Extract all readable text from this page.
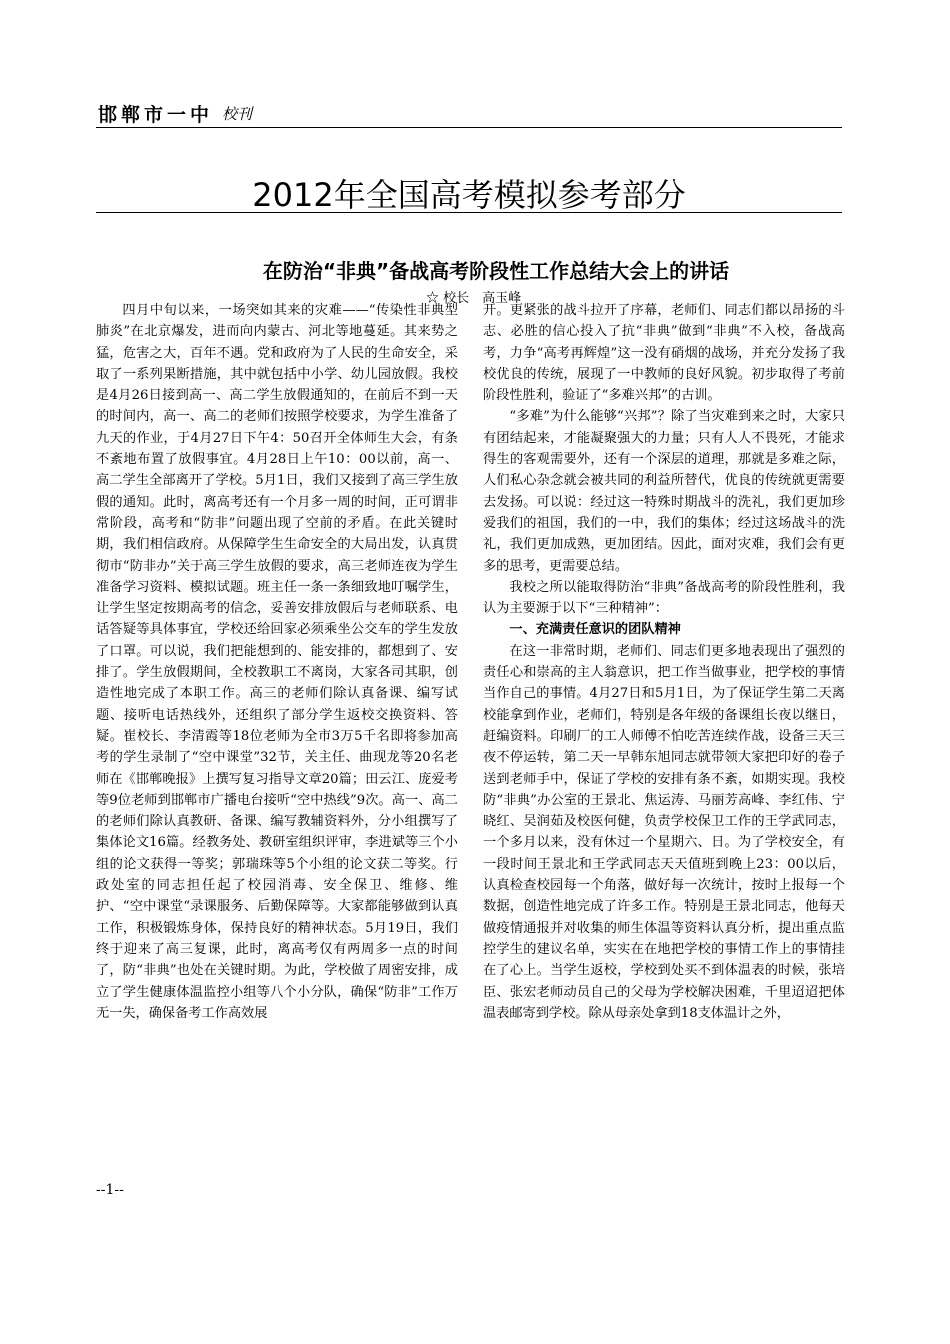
邯郸市一中 校刊
2012年全国高考模拟参考部分
在防治“非典”备战高考阶段性工作总结大会上的讲话
☆ 校长　高玉峰

四月中旬以来，一场突如其来的灾难——“传染性非典型肺炎”在北京爆发，进而向内蒙古、河北等地蔓延。其来势之猛，危害之大，百年不遇。党和政府为了人民的生命安全，采取了一系列果断措施，其中就包括中小学、幼儿园放假。我校是4月26日接到高一、高二学生放假通知的，在前后不到一天的时间内，高一、高二的老师们按照学校要求，为学生准备了九天的作业，于4月27日下午4：50召开全体师生大会，有条不紊地布置了放假事宜。4月28日上午10：00以前，高一、高二学生全部离开了学校。5月1日，我们又接到了高三学生放假的通知。此时，离高考还有一个月多一周的时间，正可谓非常阶段，高考和“防非”问题出现了空前的矛盾。在此关键时期，我们相信政府。从保障学生生命安全的大局出发，认真贯彻市“防非办”关于高三学生放假的要求，高三老师连夜为学生准备学习资料、模拟试题。班主任一条一条细致地叮嘱学生，让学生坚定按期高考的信念，妥善安排放假后与老师联系、电话答疑等具体事宜，学校还给回家必须乘坐公交车的学生发放了口罩。可以说，我们把能想到的、能安排的，都想到了、安排了。学生放假期间，全校教职工不离岗，大家各司其职，创造性地完成了本职工作。高三的老师们除认真备课、编写试题、接听电话热线外，还组织了部分学生返校交换资料、答疑。崔校长、李清霞等18位老师为全市3万5千名即将参加高考的学生录制了“空中课堂”32节，关主任、曲现龙等20名老师在《邯郸晚报》上撰写复习指导文章20篇；田云江、庞爱考等9位老师到邯郸市广播电台接听“空中热线”9次。高一、高二的老师们除认真教研、备课、编写教辅资料外，分小组撰写了集体论文16篇。经教务处、教研室组织评审，李进斌等三个小组的论文获得一等奖；郭瑞珠等5个小组的论文获二等奖。行政处室的同志担任起了校园消毒、安全保卫、维修、维护、“空中课堂“录课服务、后勤保障等。大家都能够做到认真工作，积极锻炼身体，保持良好的精神状态。5月19日，我们终于迎来了高三复课，此时，离高考仅有两周多一点的时间了，防“非典”也处在关键时期。为此，学校做了周密安排，成立了学生健康体温监控小组等八个小分队，确保“防非”工作万无一失，确保备考工作高效展

开。更紧张的战斗拉开了序幕，老师们、同志们都以昂扬的斗志、必胜的信心投入了抗“非典”做到“非典”不入校，备战高考，力争“高考再辉煌”这一没有硝烟的战场，并充分发扬了我校优良的传统，展现了一中教师的良好风貌。初步取得了考前阶段性胜利，验证了“多难兴邦”的古训。

“多难”为什么能够“兴邦”？除了当灾难到来之时，大家只有团结起来，才能凝聚强大的力量；只有人人不畏死，才能求得生的客观需要外，还有一个深层的道理，那就是多难之际，人们私心杂念就会被共同的利益所替代，优良的传统就更需要去发扬。可以说：经过这一特殊时期战斗的洗礼，我们更加珍爱我们的祖国，我们的一中，我们的集体；经过这场战斗的洗礼，我们更加成熟，更加团结。因此，面对灾难，我们会有更多的思考，更需要总结。

我校之所以能取得防治“非典”备战高考的阶段性胜利，我认为主要源于以下“三种精神”：

一、充满责任意识的团队精神

在这一非常时期，老师们、同志们更多地表现出了强烈的责任心和崇高的主人翁意识，把工作当做事业，把学校的事情当作自己的事情。4月27日和5月1日，为了保证学生第二天离校能拿到作业，老师们，特别是各年级的备课组长夜以继日，赶编资料。印刷厂的工人师傅不怕吃苦连续作战，设备三天三夜不停运转，第二天一早韩东旭同志就带领大家把印好的卷子送到老师手中，保证了学校的安排有条不紊，如期实现。我校防“非典”办公室的王景北、焦运涛、马丽芳高峰、李红伟、宁晓红、吴润茹及校医何健，负责学校保卫工作的王学武同志，一个多月以来，没有休过一个星期六、日。为了学校安全，有一段时间王景北和王学武同志天天值班到晚上23：00以后，认真检查校园每一个角落，做好每一次统计，按时上报每一个数据，创造性地完成了许多工作。特别是王景北同志，他每天做疫情通报并对收集的师生体温等资料认真分析，提出重点监控学生的建议名单，实实在在地把学校的事情工作上的事情挂在了心上。当学生返校，学校到处买不到体温表的时候，张培臣、张宏老师动员自己的父母为学校解决困难，千里迢迢把体温表邮寄到学校。除从母亲处拿到18支体温计之外，

--1--
